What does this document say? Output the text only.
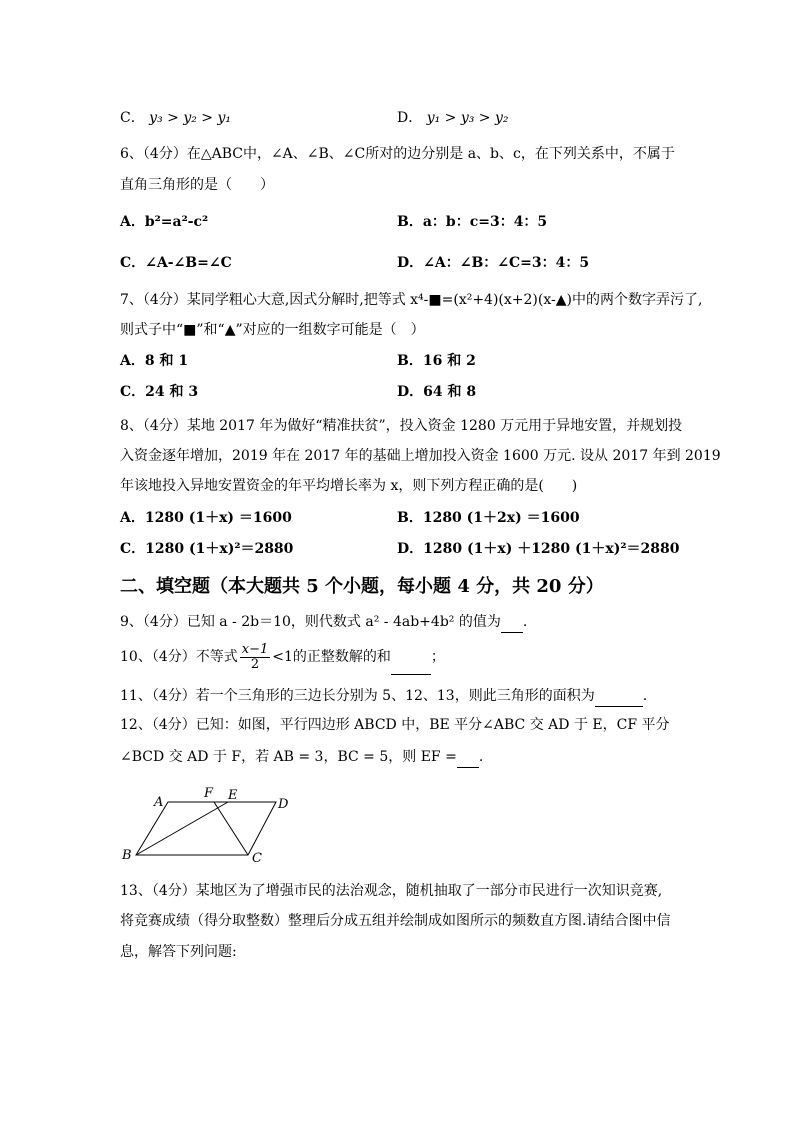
C． y₃ > y₂ > y₁	D． y₁ > y₃ > y₂
6、（4分）在△ABC中，∠A、∠B、∠C所对的边分别是 a、b、c，在下列关系中，不属于
直角三角形的是（　　）
A．b²=a²-c²	B．a：b：c=3：4：5
C．∠A-∠B=∠C	D．∠A：∠B：∠C=3：4：5
7、（4分）某同学粗心大意,因式分解时,把等式 x⁴-■=(x²+4)(x+2)(x-▲)中的两个数字弄污了,
则式子中“■”和“▲”对应的一组数字可能是（　）
A．8 和 1	B．16 和 2
C．24 和 3	D．64 和 8
8、（4分）某地 2017 年为做好“精准扶贫”，投入资金 1280 万元用于异地安置，并规划投
入资金逐年增加，2019 年在 2017 年的基础上增加投入资金 1600 万元. 设从 2017 年到 2019
年该地投入异地安置资金的年平均增长率为 x，则下列方程正确的是(　　)
A．1280 (1＋x) ＝1600	B．1280 (1＋2x) ＝1600
C．1280 (1＋x)²＝2880	D．1280 (1＋x) ＋1280 (1＋x)²＝2880
二、填空题（本大题共 5 个小题，每小题 4 分，共 20 分）
9、（4分）已知 a - 2b＝10，则代数式 a² - 4ab+4b² 的值为 .
10、（4分）不等式 $\frac{x-1}{2} <1$的正整数解的和	；
11、（4分）若一个三角形的三边长分别为 5、12、13，则此三角形的面积为	.
12、（4分）已知：如图，平行四边形 ABCD 中，BE 平分∠ABC 交 AD 于 E，CF 平分
∠BCD 交 AD 于 F，若 AB = 3，BC = 5，则 EF = .
A
F E
D
B	C
13、（4分）某地区为了增强市民的法治观念，随机抽取了一部分市民进行一次知识竞赛,
将竞赛成绩（得分取整数）整理后分成五组并绘制成如图所示的频数直方图.请结合图中信
息，解答下列问题:
